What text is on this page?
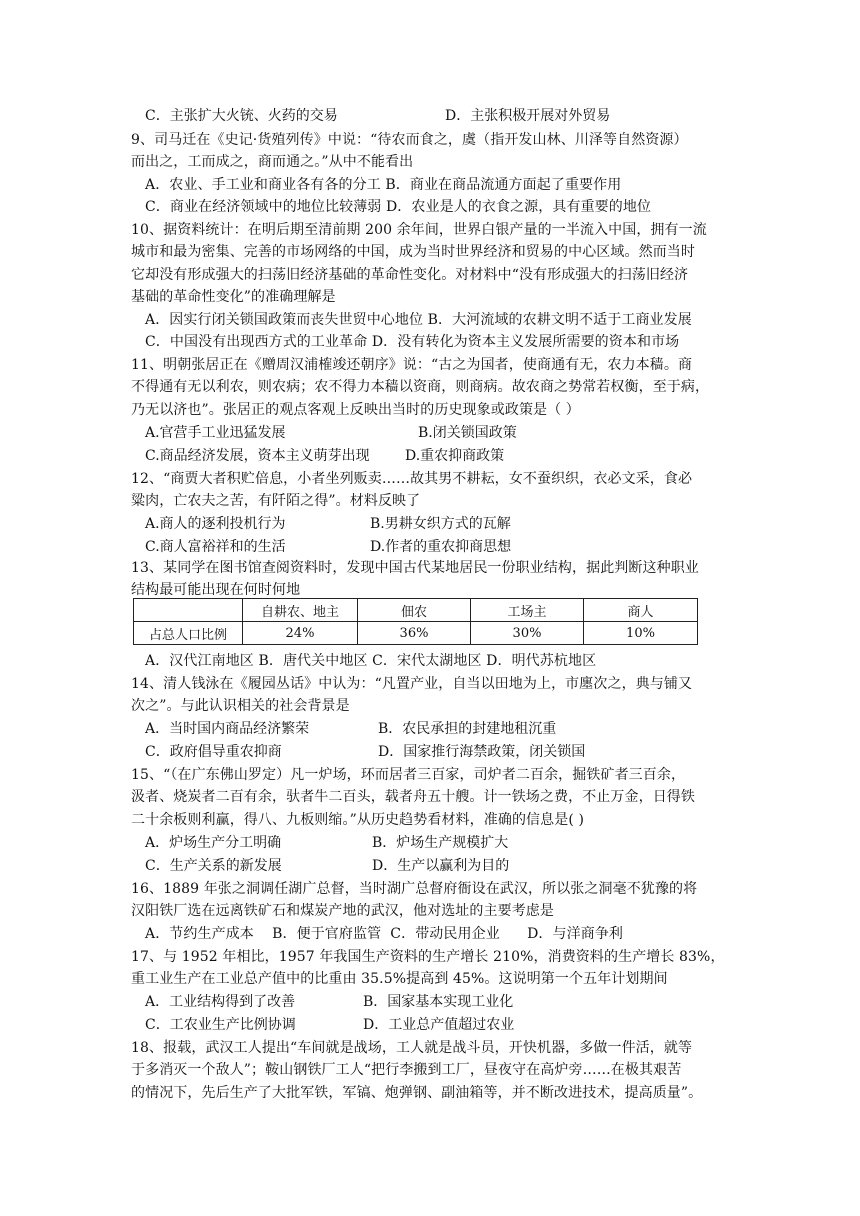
C．主张扩大火铳、火药的交易	D．主张积极开展对外贸易
9、司马迁在《史记·货殖列传》中说：“待农而食之，虞（指开发山林、川泽等自然资源）
而出之，工而成之，商而通之。”从中不能看出
A．农业、手工业和商业各有各的分工 B．商业在商品流通方面起了重要作用
C．商业在经济领域中的地位比较薄弱 D．农业是人的衣食之源，具有重要的地位
10、据资料统计：在明后期至清前期 200 余年间，世界白银产量的一半流入中国，拥有一流
城市和最为密集、完善的市场网络的中国，成为当时世界经济和贸易的中心区域。然而当时
它却没有形成强大的扫荡旧经济基础的革命性变化。对材料中“没有形成强大的扫荡旧经济
基础的革命性变化”的准确理解是
A．因实行闭关锁国政策而丧失世贸中心地位 B．大河流域的农耕文明不适于工商业发展
C．中国没有出现西方式的工业革命 D．没有转化为资本主义发展所需要的资本和市场
11、明朝张居正在《赠周汉浦榷竣还朝序》说：“古之为国者，使商通有无，农力本穑。商
不得通有无以利农，则农病；农不得力本穑以资商，则商病。故农商之势常若权衡，至于病，
乃无以济也”。张居正的观点客观上反映出当时的历史现象或政策是（ ）
A.官营手工业迅猛发展	B.闭关锁国政策
C.商品经济发展，资本主义萌芽出现	D.重农抑商政策
12、“商贾大者积贮倍息，小者坐列贩卖……故其男不耕耘，女不蚕织织，衣必文采，食必
粱肉，亡农夫之苦，有阡陌之得”。材料反映了
A.商人的逐利投机行为	B.男耕女织方式的瓦解
C.商人富裕祥和的生活	D.作者的重农抑商思想
13、某同学在图书馆查阅资料时，发现中国古代某地居民一份职业结构，据此判断这种职业
结构最可能出现在何时何地
	自耕农、地主	佃农	工场主	商人
占总人口比例	24%	36%	30%	10%
A．汉代江南地区 B．唐代关中地区 C．宋代太湖地区 D．明代苏杭地区
14、清人钱泳在《履园丛话》中认为：“凡置产业，自当以田地为上，市廛次之，典与铺又
次之”。与此认识相关的社会背景是
A．当时国内商品经济繁荣	B．农民承担的封建地租沉重
C．政府倡导重农抑商	D．国家推行海禁政策，闭关锁国
15、“（在广东佛山罗定）凡一炉场，环而居者三百家，司炉者二百余，掘铁矿者三百余，
汲者、烧炭者二百有余，驮者牛二百头，载者舟五十艘。计一铁场之费，不止万金，日得铁
二十余板则利赢，得八、九板则缩。”从历史趋势看材料，准确的信息是( )
A．炉场生产分工明确	B．炉场生产规模扩大
C．生产关系的新发展	D．生产以赢利为目的
16、1889 年张之洞调任湖广总督，当时湖广总督府衙设在武汉，所以张之洞毫不犹豫的将
汉阳铁厂选在远离铁矿石和煤炭产地的武汉，他对选址的主要考虑是
A．节约生产成本    B．便于官府监管  C．带动民用企业      D．与洋商争利
17、与 1952 年相比，1957 年我国生产资料的生产增长 210%，消费资料的生产增长 83%，
重工业生产在工业总产值中的比重由 35.5%提高到 45%。这说明第一个五年计划期间
A．工业结构得到了改善	B．国家基本实现工业化
C．工农业生产比例协调	D．工业总产值超过农业
18、报载，武汉工人提出“车间就是战场，工人就是战斗员，开快机器，多做一件活，就等
于多消灭一个敌人”；鞍山钢铁厂工人“把行李搬到工厂，昼夜守在高炉旁……在极其艰苦
的情况下，先后生产了大批军铁，军镐、炮弹钢、副油箱等，并不断改进技术，提高质量”。
